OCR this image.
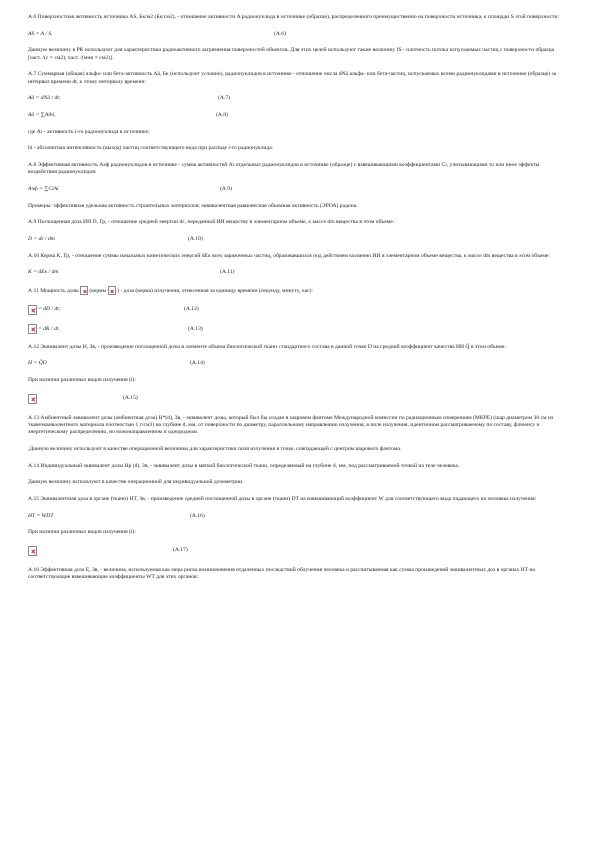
А.6 Поверхностная активность источника AS, Бк/м2 (Бк/см2), - отношение активности A радионуклида в источнике (образце), распределенного преимущественно на поверхности источника, к площади S этой поверхности:

AS = A / S.	(А.6)

Данную величину в РК используют для характеристики радиоактивного загрязнения поверхностей объектов. Для этих целей используют также величину fS - плотность потока испускаемых частиц с поверхности образца [част. /(с × см2), част. /(мин × см2)].

А.7 Суммарная (общая) альфа- или бета-активность Aā, Бк (используют условно), радионуклидов в источнике - отношение числа dNā альфа- или бета-частиц, испускаемых всеми радионуклидами в источнике (образце) за интервал времени dt, к этому интервалу времени:

Aā = dNā / dt;	(А.7)
Aā = ∑Aibi,	(А.8)

где Ai - активность i-го радионуклида в источнике;

bi - абсолютная интенсивность (выход) частиц соответствующего вида при распаде i-го радионуклида.

А.8 Эффективная активность Aэф радионуклидов в источнике - сумма активностей Ai отдельных радионуклидов в источнике (образце) с взвешивающими коэффициентами Ci, учитывающими то или иное эффекты воздействия радионуклидов:

Aэф = ∑CiAi	(А.9)

Примеры: эффективная удельная активность строительных материалов; эквивалентная равновесная объемная активность (ЭРОА) радона.

А.9 Поглощенная доза ИИ D, Гр, - отношение средней энергии dε, переданной ИИ веществу в элементарном объеме, к массе dm вещества в этом объеме:

D = dε / dm	(А.10)

А.10 Керма K, Гр, - отношение суммы начальных кинетических энергий dEк всех заряженных частиц, образовавшихся под действием косвенно ИИ в элементарном объеме вещества, к массе dm вещества в этом объеме:

K = dEк / dm	(А.11)

А.11 Мощность дозы (кермы ) - доза (керма) излучения, отнесенная за единицу времени (секунду, минуту, час):

= dD / dt;	(А.12)
= dK / dt.	(А.13)

А.12 Эквивалент дозы H, Зв, - произведение поглощенной дозы в элементе объема биологической ткани стандартного состава в данной точке D на средний коэффициент качества ИИ Q̄ в этом объеме:

H = Q̄D	(А.14)

При наличии различных видов излучения (i):

(А.15)

А.13 Амбиентный эквивалент дозы (амбиентная доза) H*(d), Зв, - эквивалент дозы, который был бы создан в шаровом фантоме Международной комиссии по радиационным измерениям (МКРЕ) (шар диаметром 30 см из тканеэквивалентного материала плотностью 1 г/см3) на глубине d, мм, от поверхности по диаметру, параллельному направлению излучения, в поле излучения, идентичном рассматриваемому по составу, флюенсу и энергетическому распределению, но мононаправленном и однородном.

,Данную величину используют в качестве операционной величины для характеристики поля излучения в точке, совпадающей с центром шарового фантома.

А.14 Индивидуальный эквивалент дозы Hp (d), Зв, - эквивалент дозы в мягкой биологической ткани, определяемый на глубине d, мм, под рассматриваемой точкой на теле человека.

Данную величину используют в качестве операционной для индивидуальной дозиметрии.

А.15 Эквивалентная доза в органе (ткани) HT, Зв, - произведение средней поглощенной дозы в органе (ткани) DT на взвешивающий коэффициент W для соответствующего вида падающего на человека излучения:

HT = WDT	(А.16)

При наличии различных видов излучения (i):

(А.17)

А.16 Эффективная доза E, Зв, - величина, используемая как мера риска возникновения отдаленных последствий облучения человека и рассчитываемая как сумма произведений эквивалентных доз в органах HT на соответствующие взвешивающие коэффициенты WT для этих органов:
